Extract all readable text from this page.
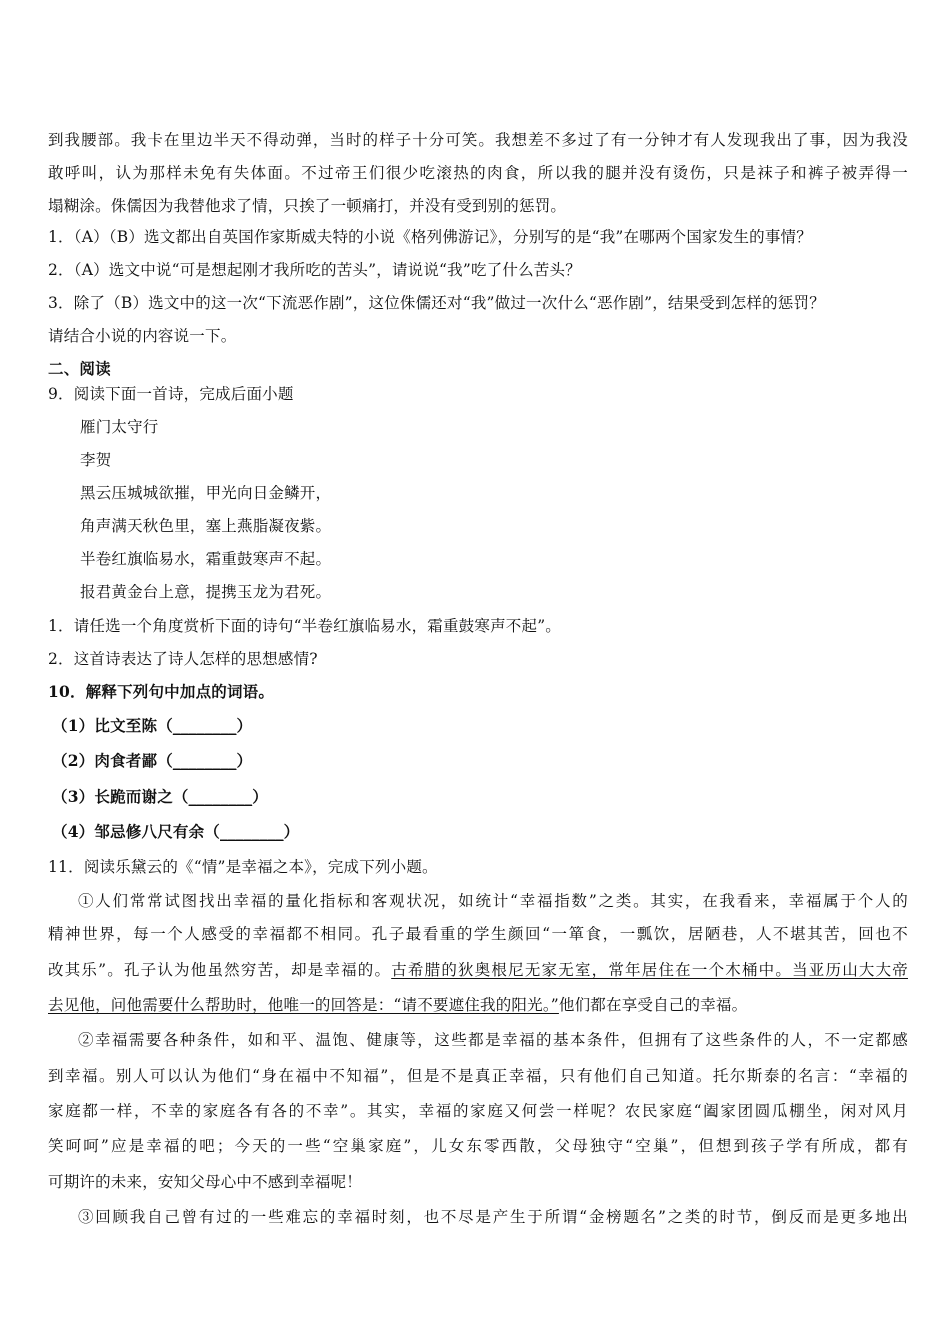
到我腰部。我卡在里边半天不得动弹，当时的样子十分可笑。我想差不多过了有一分钟才有人发现我出了事，因为我没
敢呼叫，认为那样未免有失体面。不过帝王们很少吃滚热的肉食，所以我的腿并没有烫伤，只是袜子和裤子被弄得一
塌糊涂。侏儒因为我替他求了情，只挨了一顿痛打，并没有受到别的惩罚。
1．（A）（B）选文都出自英国作家斯威夫特的小说《格列佛游记》，分别写的是“我”在哪两个国家发生的事情？
2．（A）选文中说“可是想起刚才我所吃的苦头”，请说说“我”吃了什么苦头？
3．除了（B）选文中的这一次“下流恶作剧”，这位侏儒还对“我”做过一次什么“恶作剧”，结果受到怎样的惩罚？
请结合小说的内容说一下。
二、阅读
9．阅读下面一首诗，完成后面小题
雁门太守行
李贺
黑云压城城欲摧，甲光向日金鳞开，
角声满天秋色里，塞上燕脂凝夜紫。
半卷红旗临易水，霜重鼓寒声不起。
报君黄金台上意，提携玉龙为君死。
1．请任选一个角度赏析下面的诗句“半卷红旗临易水，霜重鼓寒声不起”。
2．这首诗表达了诗人怎样的思想感情?
10．解释下列句中加点的词语。
（1）比文至陈（________）
（2）肉食者鄙（________）
（3）长跪而谢之（________）
（4）邹忌修八尺有余（________）
11．阅读乐黛云的《“情”是幸福之本》，完成下列小题。
①人们常常试图找出幸福的量化指标和客观状况，如统计“幸福指数”之类。其实，在我看来，幸福属于个人的
精神世界，每一个人感受的幸福都不相同。孔子最看重的学生颜回“一箪食，一瓢饮，居陋巷，人不堪其苦，回也不
改其乐”。孔子认为他虽然穷苦，却是幸福的。古希腊的狄奥根尼无家无室，常年居住在一个木桶中。当亚历山大大帝
去见他，问他需要什么帮助时，他唯一的回答是：“请不要遮住我的阳光。”他们都在享受自己的幸福。
②幸福需要各种条件，如和平、温饱、健康等，这些都是幸福的基本条件，但拥有了这些条件的人，不一定都感
到幸福。别人可以认为他们“身在福中不知福”，但是不是真正幸福，只有他们自己知道。托尔斯泰的名言：“幸福的
家庭都一样，不幸的家庭各有各的不幸”。其实，幸福的家庭又何尝一样呢？农民家庭“阖家团圆瓜棚坐，闲对风月
笑呵呵”应是幸福的吧；今天的一些“空巢家庭”，儿女东零西散，父母独守“空巢”，但想到孩子学有所成，都有
可期许的未来，安知父母心中不感到幸福呢！
③回顾我自己曾有过的一些难忘的幸福时刻，也不尽是产生于所谓“金榜题名”之类的时节，倒反而是更多地出
